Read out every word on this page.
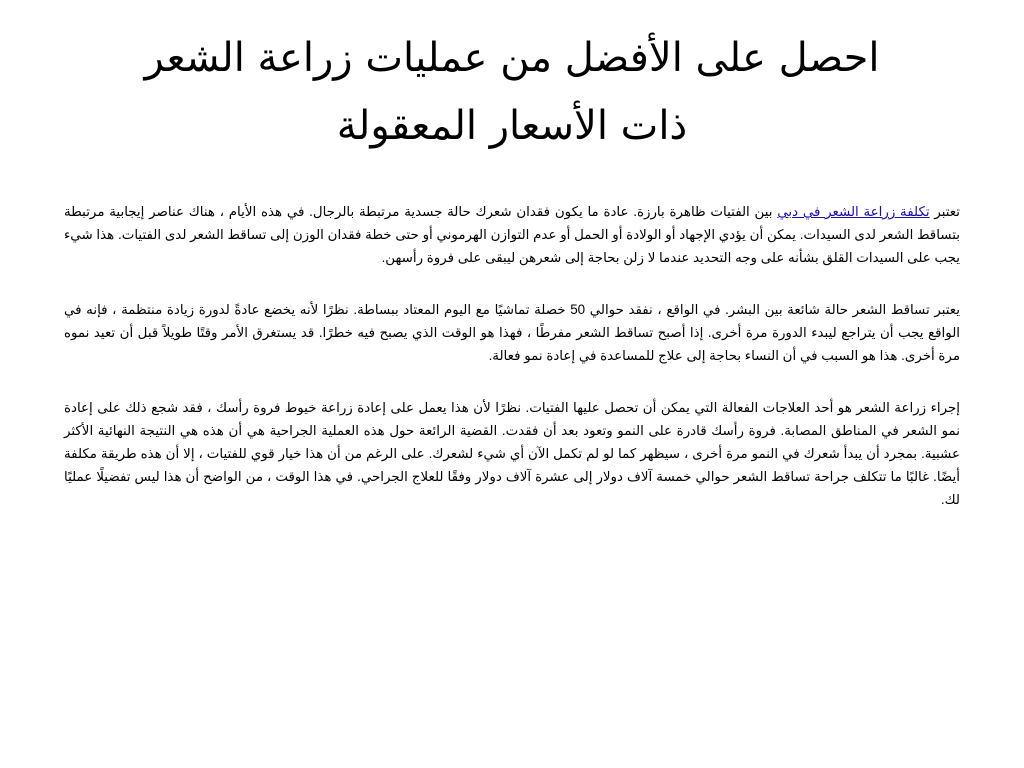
احصل على الأفضل من عمليات زراعة الشعر
ذات الأسعار المعقولة

تعتبر تكلفة زراعة الشعر في دبي بين الفتيات ظاهرة بارزة. عادة ما يكون فقدان شعرك حالة جسدية مرتبطة بالرجال. في هذه الأيام ، هناك عناصر إيجابية مرتبطة بتساقط الشعر لدى السيدات. يمكن أن يؤدي الإجهاد أو الولادة أو الحمل أو عدم التوازن الهرموني أو حتى خطة فقدان الوزن إلى تساقط الشعر لدى الفتيات. هذا شيء يجب على السيدات القلق بشأنه على وجه التحديد عندما لا زلن بحاجة إلى شعرهن ليبقى على فروة رأسهن.

يعتبر تساقط الشعر حالة شائعة بين البشر. في الواقع ، نفقد حوالي 50 خصلة تماشيًا مع اليوم المعتاد ببساطة. نظرًا لأنه يخضع عادةً لدورة زيادة منتظمة ، فإنه في الواقع يجب أن يتراجع ليبدء الدورة مرة أخرى. إذا أصبح تساقط الشعر مفرطًا ، فهذا هو الوقت الذي يصبح فيه خطرًا. قد يستغرق الأمر وقتًا طويلاً قبل أن تعيد نموه مرة أخرى. هذا هو السبب في أن النساء بحاجة إلى علاج للمساعدة في إعادة نمو فعالة.

إجراء زراعة الشعر هو أحد العلاجات الفعالة التي يمكن أن تحصل عليها الفتيات. نظرًا لأن هذا يعمل على إعادة زراعة خيوط فروة رأسك ، فقد شجع ذلك على إعادة نمو الشعر في المناطق المصابة. فروة رأسك قادرة على النمو وتعود بعد أن فقدت. القضية الرائعة حول هذه العملية الجراحية هي أن هذه هي النتيجة النهائية الأكثر عشبية. بمجرد أن يبدأ شعرك في النمو مرة أخرى ، سيظهر كما لو لم تكمل الآن أي شيء لشعرك. على الرغم من أن هذا خيار قوي للفتيات ، إلا أن هذه طريقة مكلفة أيضًا. غالبًا ما تتكلف جراحة تساقط الشعر حوالي خمسة آلاف دولار إلى عشرة آلاف دولار وفقًا للعلاج الجراحي. في هذا الوقت ، من الواضح أن هذا ليس تفضيلًا عمليًا لك.
